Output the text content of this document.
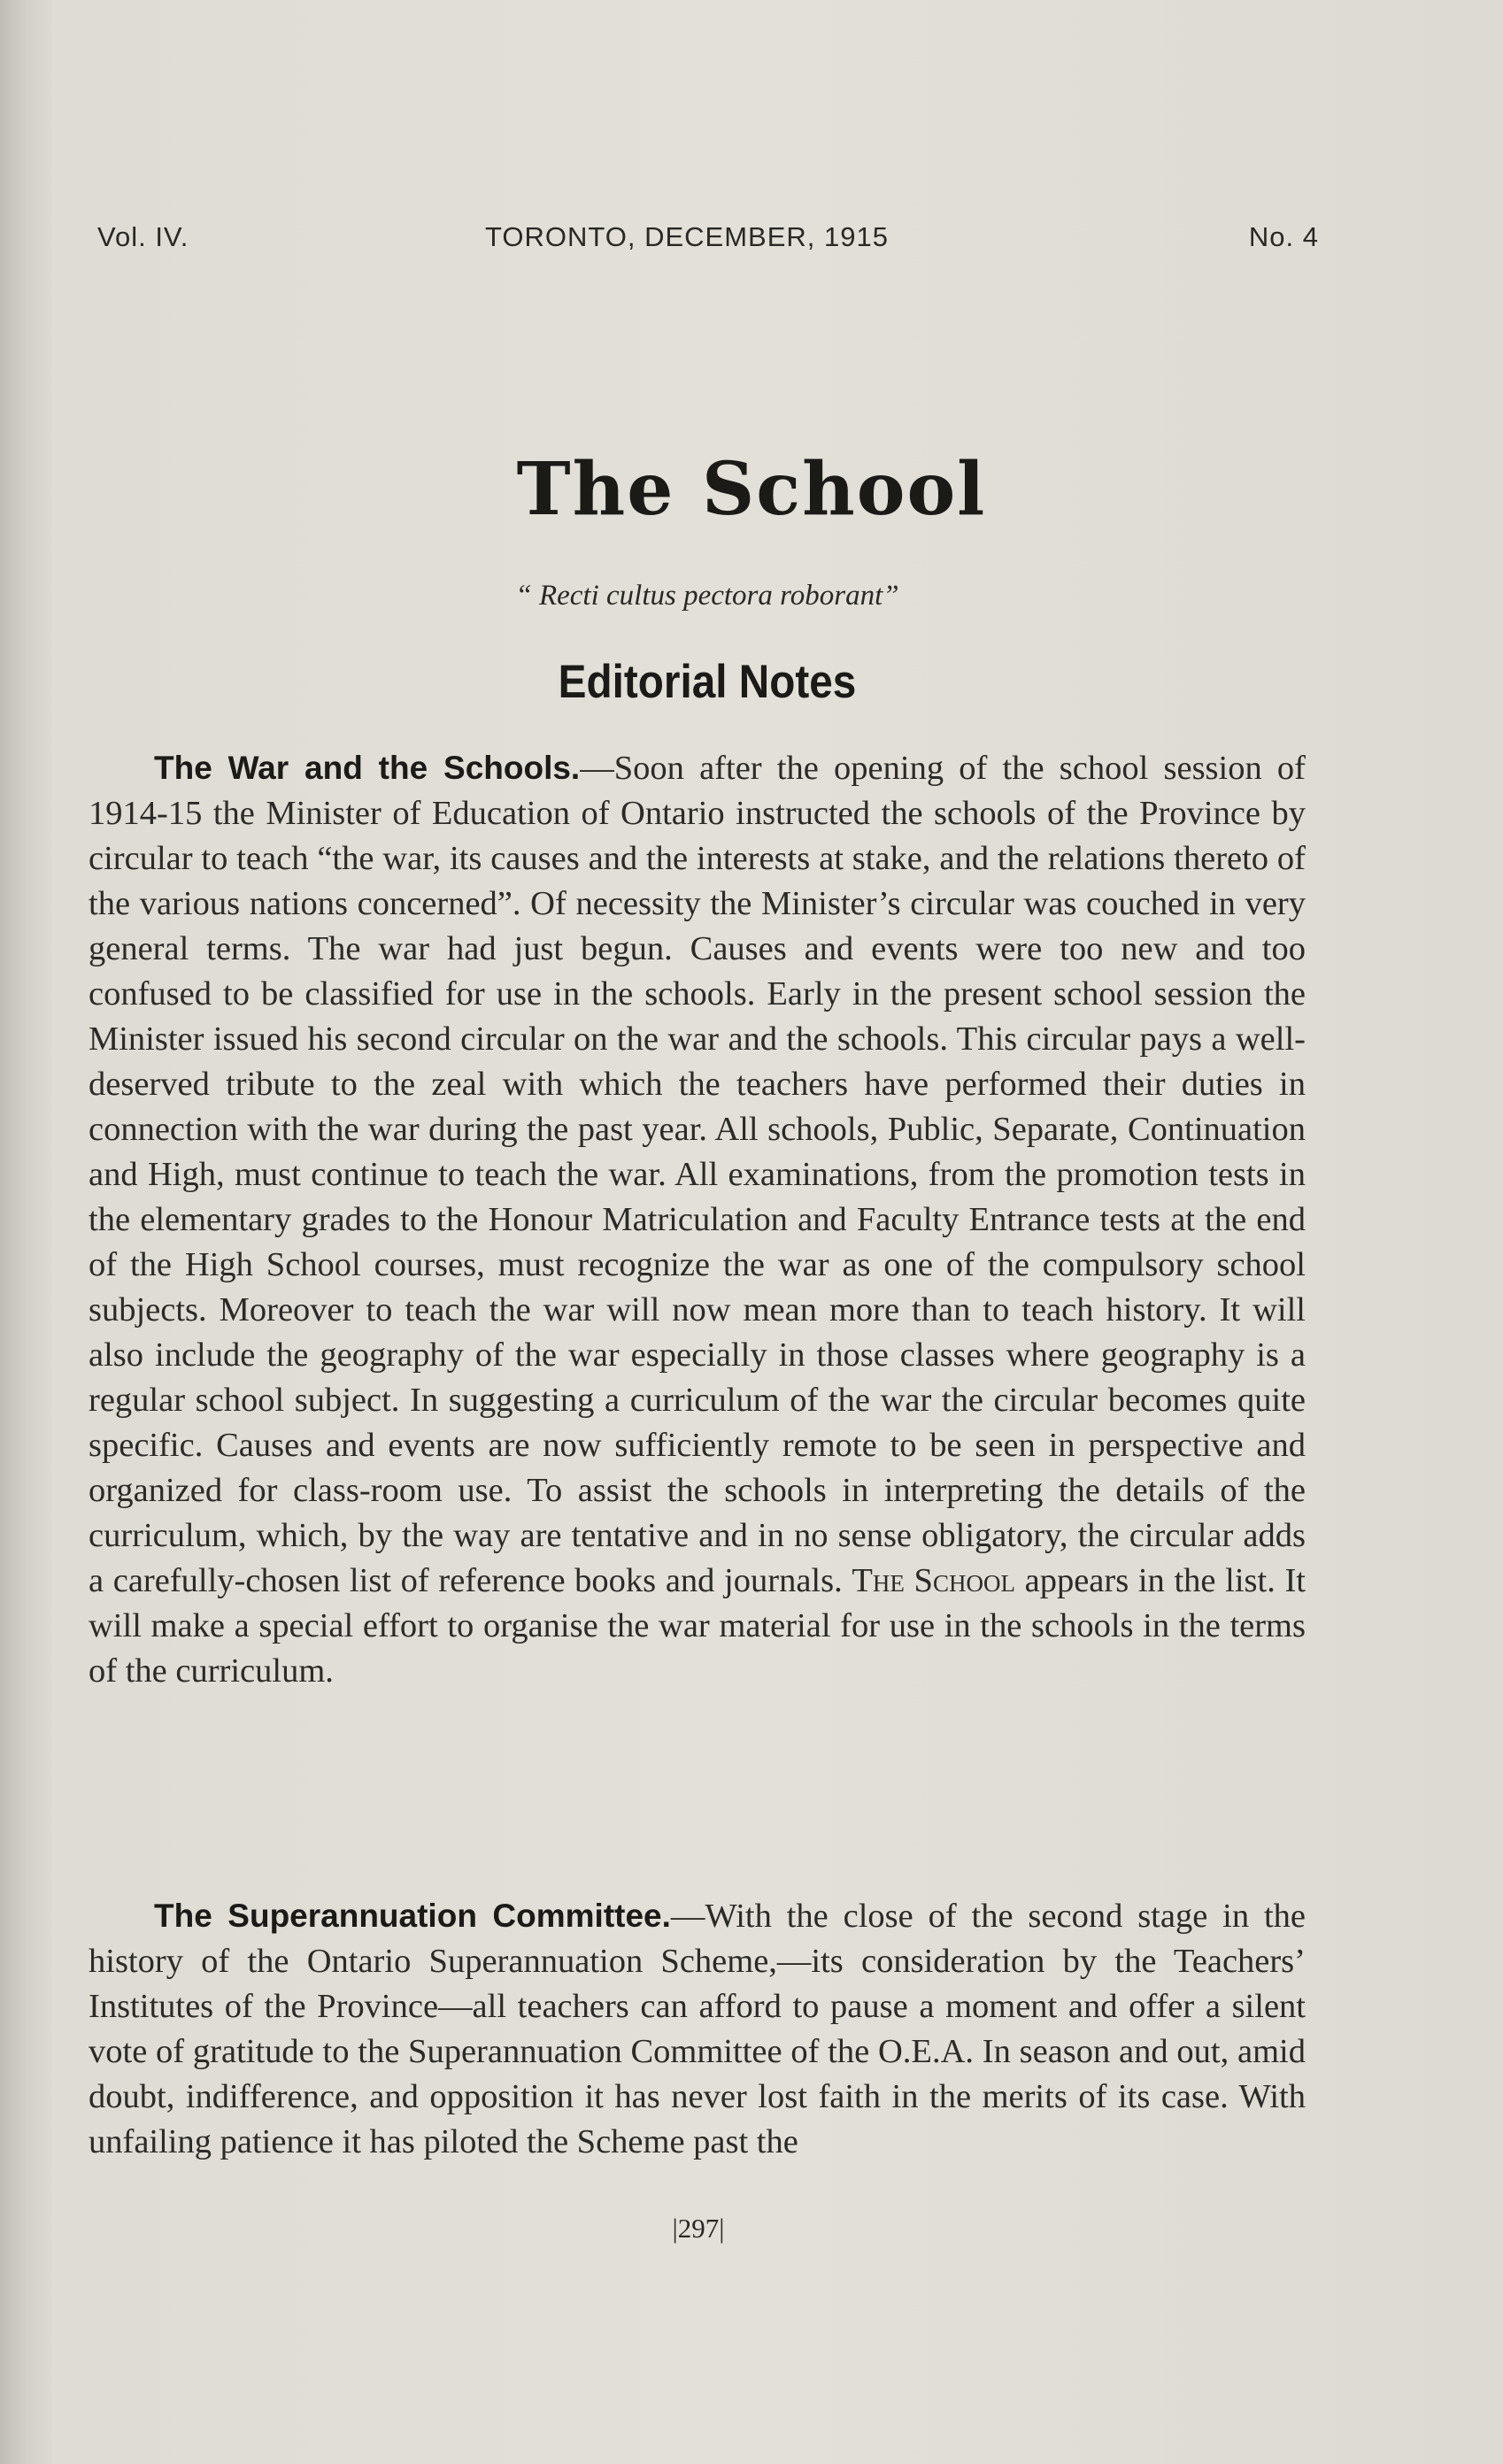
Vol. IV.	TORONTO, DECEMBER, 1915	No. 4
The School
“ Recti cultus pectora roborant”
Editorial Notes

The War and the Schools.—Soon after the opening of the school session of 1914-15 the Minister of Education of Ontario instructed the schools of the Province by circular to teach “the war, its causes and the interests at stake, and the relations thereto of the various nations concerned”. Of necessity the Minister’s circular was couched in very general terms. The war had just begun. Causes and events were too new and too confused to be classified for use in the schools. Early in the present school session the Minister issued his second circular on the war and the schools. This circular pays a well-deserved tribute to the zeal with which the teachers have performed their duties in connection with the war during the past year. All schools, Public, Separate, Continuation and High, must continue to teach the war. All examinations, from the promotion tests in the elementary grades to the Honour Matriculation and Faculty Entrance tests at the end of the High School courses, must recognize the war as one of the compulsory school subjects. Moreover to teach the war will now mean more than to teach history. It will also include the geography of the war especially in those classes where geography is a regular school subject. In suggesting a curriculum of the war the circular becomes quite specific. Causes and events are now sufficiently remote to be seen in perspective and organized for class-room use. To assist the schools in interpreting the details of the curriculum, which, by the way are tentative and in no sense obligatory, the circular adds a carefully-chosen list of reference books and journals. The School appears in the list. It will make a special effort to organise the war material for use in the schools in the terms of the curriculum.

The Superannuation Committee.—With the close of the second stage in the history of the Ontario Superannuation Scheme,—its consideration by the Teachers’ Institutes of the Province—all teachers can afford to pause a moment and offer a silent vote of gratitude to the Superannuation Committee of the O.E.A. In season and out, amid doubt, indifference, and opposition it has never lost faith in the merits of its case. With unfailing patience it has piloted the Scheme past the

|297|
